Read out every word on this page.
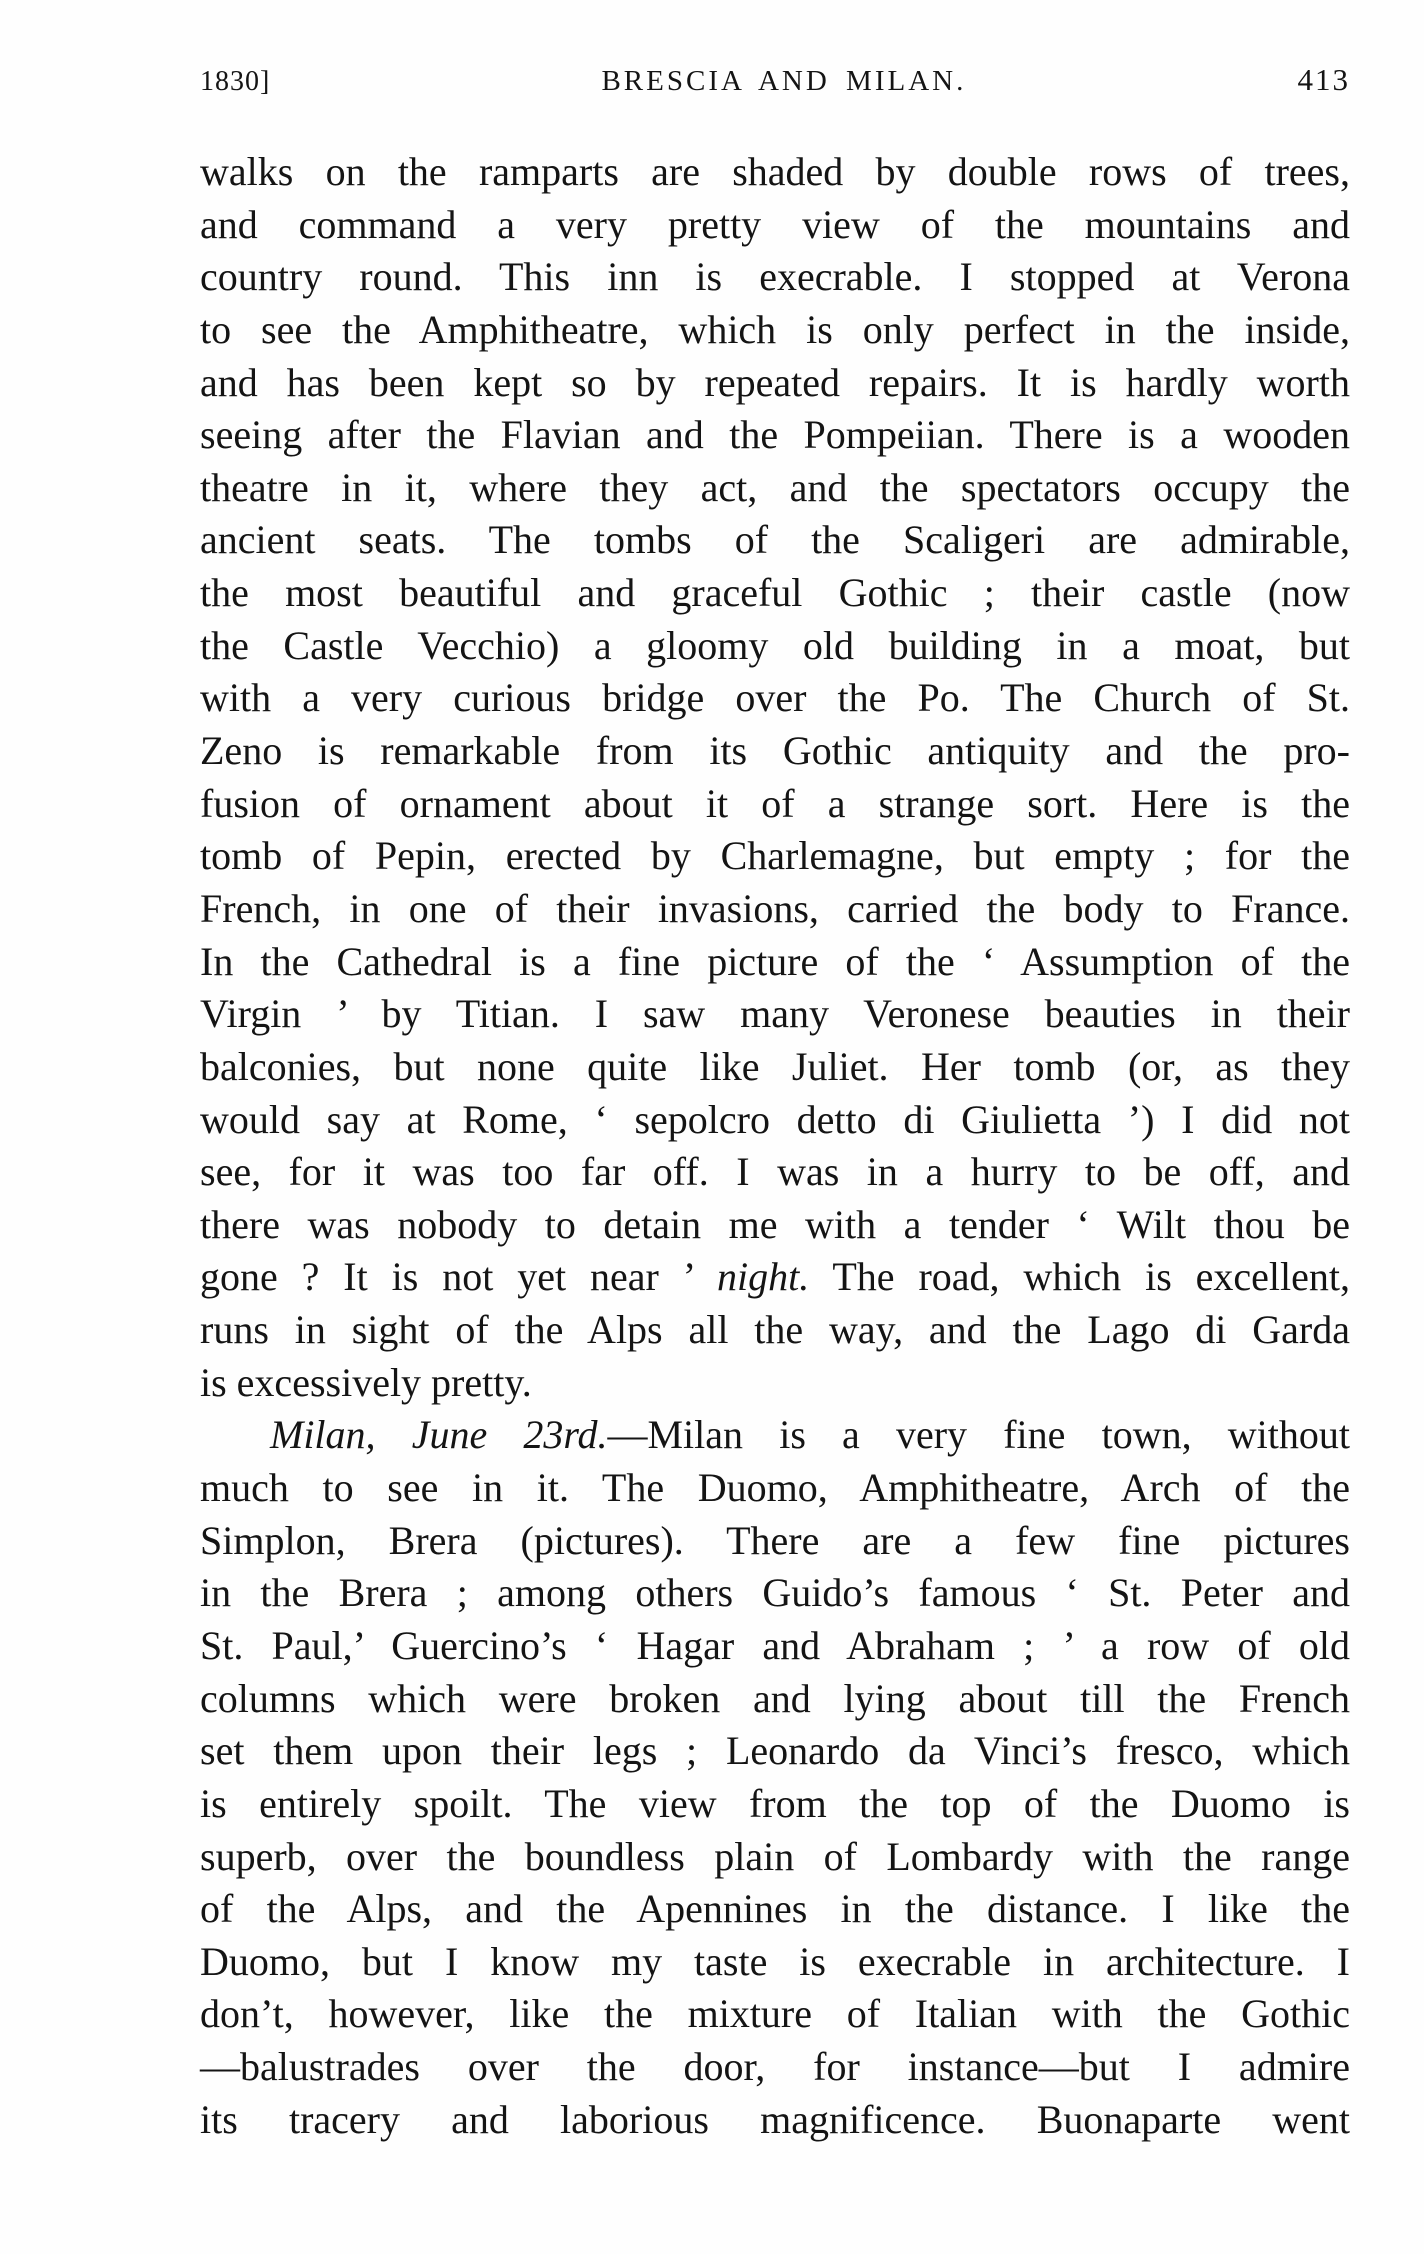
1830]	BRESCIA AND MILAN.	413
walks on the ramparts are shaded by double rows of trees,
and command a very pretty view of the mountains and
country round. This inn is execrable. I stopped at Verona
to see the Amphitheatre, which is only perfect in the inside,
and has been kept so by repeated repairs. It is hardly worth
seeing after the Flavian and the Pompeiian. There is a wooden
theatre in it, where they act, and the spectators occupy the
ancient seats. The tombs of the Scaligeri are admirable,
the most beautiful and graceful Gothic ; their castle (now
the Castle Vecchio) a gloomy old building in a moat, but
with a very curious bridge over the Po. The Church of St.
Zeno is remarkable from its Gothic antiquity and the pro-
fusion of ornament about it of a strange sort. Here is the
tomb of Pepin, erected by Charlemagne, but empty ; for the
French, in one of their invasions, carried the body to France.
In the Cathedral is a fine picture of the ‘ Assumption of the
Virgin ’ by Titian. I saw many Veronese beauties in their
balconies, but none quite like Juliet. Her tomb (or, as they
would say at Rome, ‘ sepolcro detto di Giulietta ’) I did not
see, for it was too far off. I was in a hurry to be off, and
there was nobody to detain me with a tender ‘ Wilt thou be
gone ? It is not yet near ’ night. The road, which is excellent,
runs in sight of the Alps all the way, and the Lago di Garda
is excessively pretty.
Milan, June 23rd.—Milan is a very fine town, without
much to see in it. The Duomo, Amphitheatre, Arch of the
Simplon, Brera (pictures). There are a few fine pictures
in the Brera ; among others Guido’s famous ‘ St. Peter and
St. Paul,’ Guercino’s ‘ Hagar and Abraham ; ’ a row of old
columns which were broken and lying about till the French
set them upon their legs ; Leonardo da Vinci’s fresco, which
is entirely spoilt. The view from the top of the Duomo is
superb, over the boundless plain of Lombardy with the range
of the Alps, and the Apennines in the distance. I like the
Duomo, but I know my taste is execrable in architecture. I
don’t, however, like the mixture of Italian with the Gothic
—balustrades over the door, for instance—but I admire
its tracery and laborious magnificence. Buonaparte went
